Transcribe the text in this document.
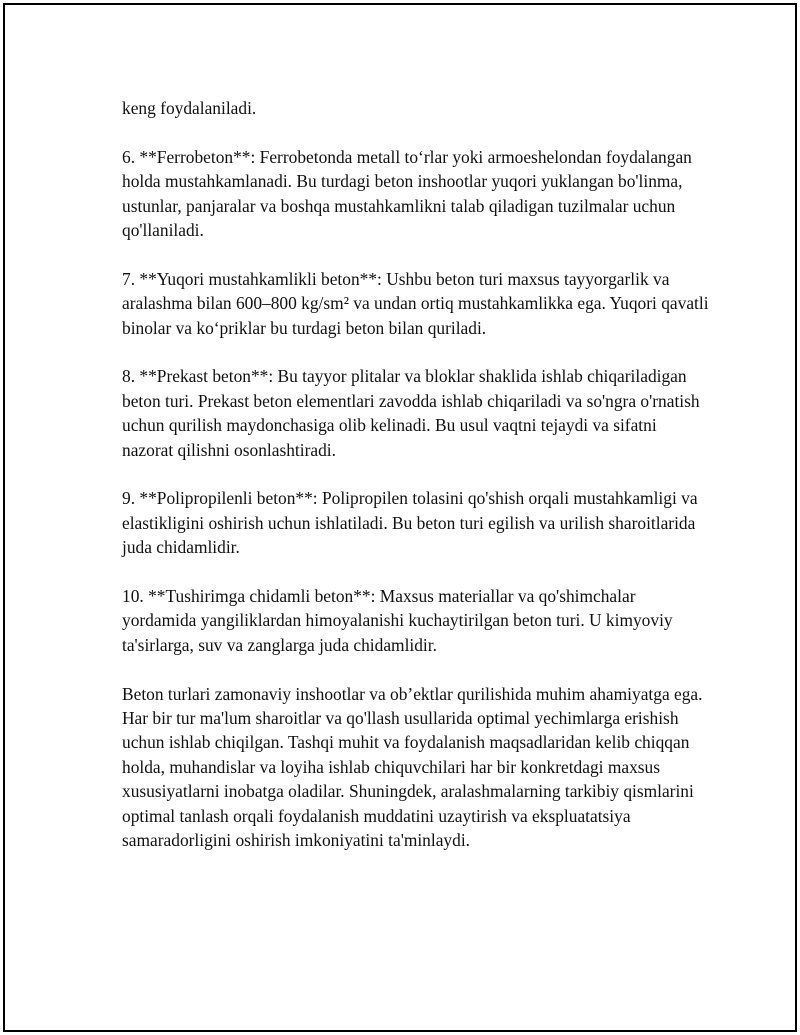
keng foydalaniladi.

6. **Ferrobeton**: Ferrobetonda metall to‘rlar yoki armoeshelondan foydalangan holda mustahkamlanadi. Bu turdagi beton inshootlar yuqori yuklangan bo'linma, ustunlar, panjaralar va boshqa mustahkamlikni talab qiladigan tuzilmalar uchun qo'llaniladi.

7. **Yuqori mustahkamlikli beton**: Ushbu beton turi maxsus tayyorgarlik va aralashma bilan 600–800 kg/sm² va undan ortiq mustahkamlikka ega. Yuqori qavatli binolar va ko‘priklar bu turdagi beton bilan quriladi.

8. **Prekast beton**: Bu tayyor plitalar va bloklar shaklida ishlab chiqariladigan beton turi. Prekast beton elementlari zavodda ishlab chiqariladi va so'ngra o'rnatish uchun qurilish maydonchasiga olib kelinadi. Bu usul vaqtni tejaydi va sifatni nazorat qilishni osonlashtiradi.

9. **Polipropilenli beton**: Polipropilen tolasini qo'shish orqali mustahkamligi va elastikligini oshirish uchun ishlatiladi. Bu beton turi egilish va urilish sharoitlarida juda chidamlidir.

10. **Tushirimga chidamli beton**: Maxsus materiallar va qo'shimchalar yordamida yangiliklardan himoyalanishi kuchaytirilgan beton turi. U kimyoviy ta'sirlarga, suv va zanglarga juda chidamlidir.

Beton turlari zamonaviy inshootlar va ob’ektlar qurilishida muhim ahamiyatga ega. Har bir tur ma'lum sharoitlar va qo'llash usullarida optimal yechimlarga erishish uchun ishlab chiqilgan. Tashqi muhit va foydalanish maqsadlaridan kelib chiqqan holda, muhandislar va loyiha ishlab chiquvchilari har bir konkretdagi maxsus xususiyatlarni inobatga oladilar. Shuningdek, aralashmalarning tarkibiy qismlarini optimal tanlash orqali foydalanish muddatini uzaytirish va ekspluatatsiya samaradorligini oshirish imkoniyatini ta'minlaydi.
